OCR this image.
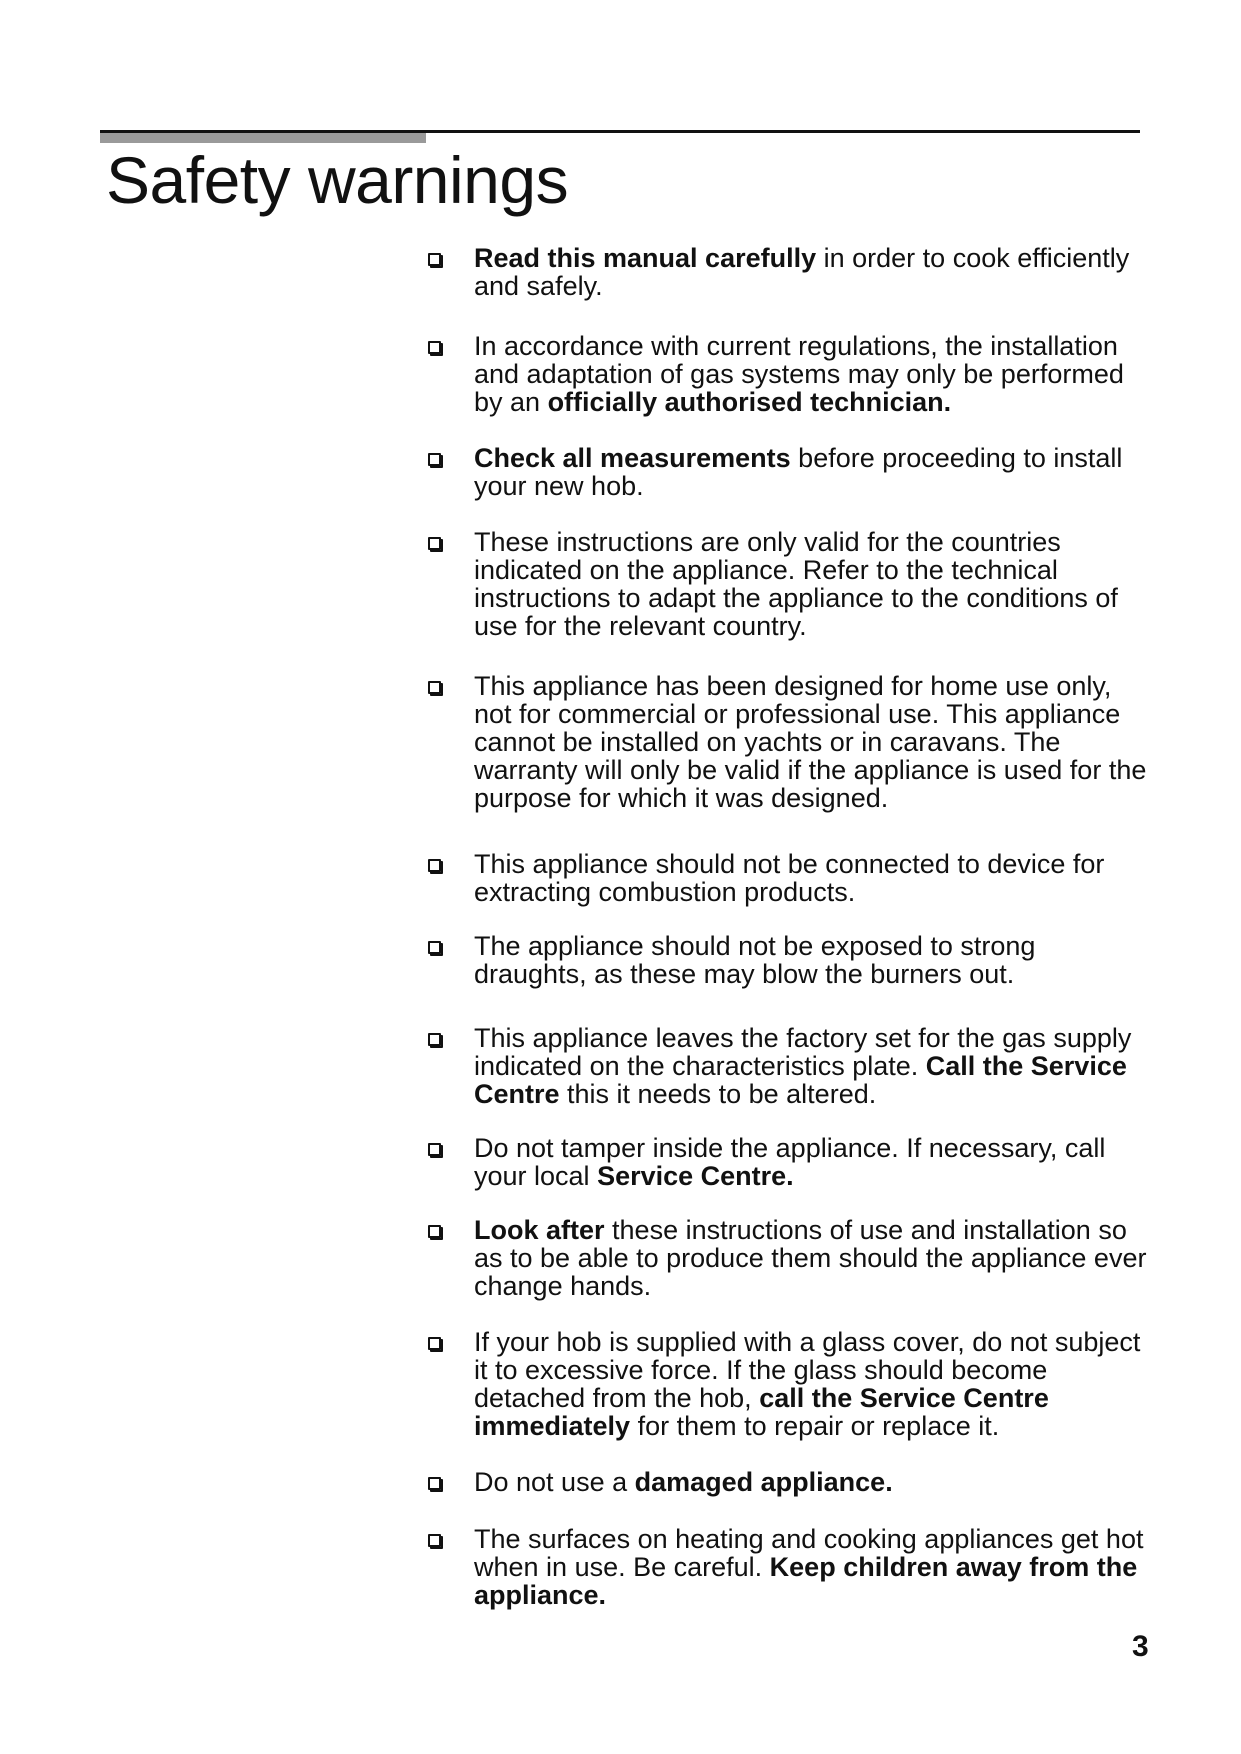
Safety warnings
Read this manual carefully in order to cook efficiently and safely.
In accordance with current regulations, the installation and adaptation of gas systems may only be performed by an officially authorised technician.
Check all measurements before proceeding to install your new hob.
These instructions are only valid for the countries indicated on the appliance. Refer to the technical instructions to adapt the appliance to the conditions of use for the relevant country.
This appliance has been designed for home use only, not for commercial or professional use. This appliance cannot be installed on yachts or in caravans. The warranty will only be valid if the appliance is used for the purpose for which it was designed.
This appliance should not be connected to device for extracting combustion products.
The appliance should not be exposed to strong draughts, as these may blow the burners out.
This appliance leaves the factory set for the gas supply indicated on the characteristics plate. Call the Service Centre this it needs to be altered.
Do not tamper inside the appliance. If necessary, call your local Service Centre.
Look after these instructions of use and installation so as to be able to produce them should the appliance ever change hands.
If your hob is supplied with a glass cover, do not subject it to excessive force. If the glass should become detached from the hob, call the Service Centre immediately for them to repair or replace it.
Do not use a damaged appliance.
The surfaces on heating and cooking appliances get hot when in use. Be careful. Keep children away from the appliance.
3
